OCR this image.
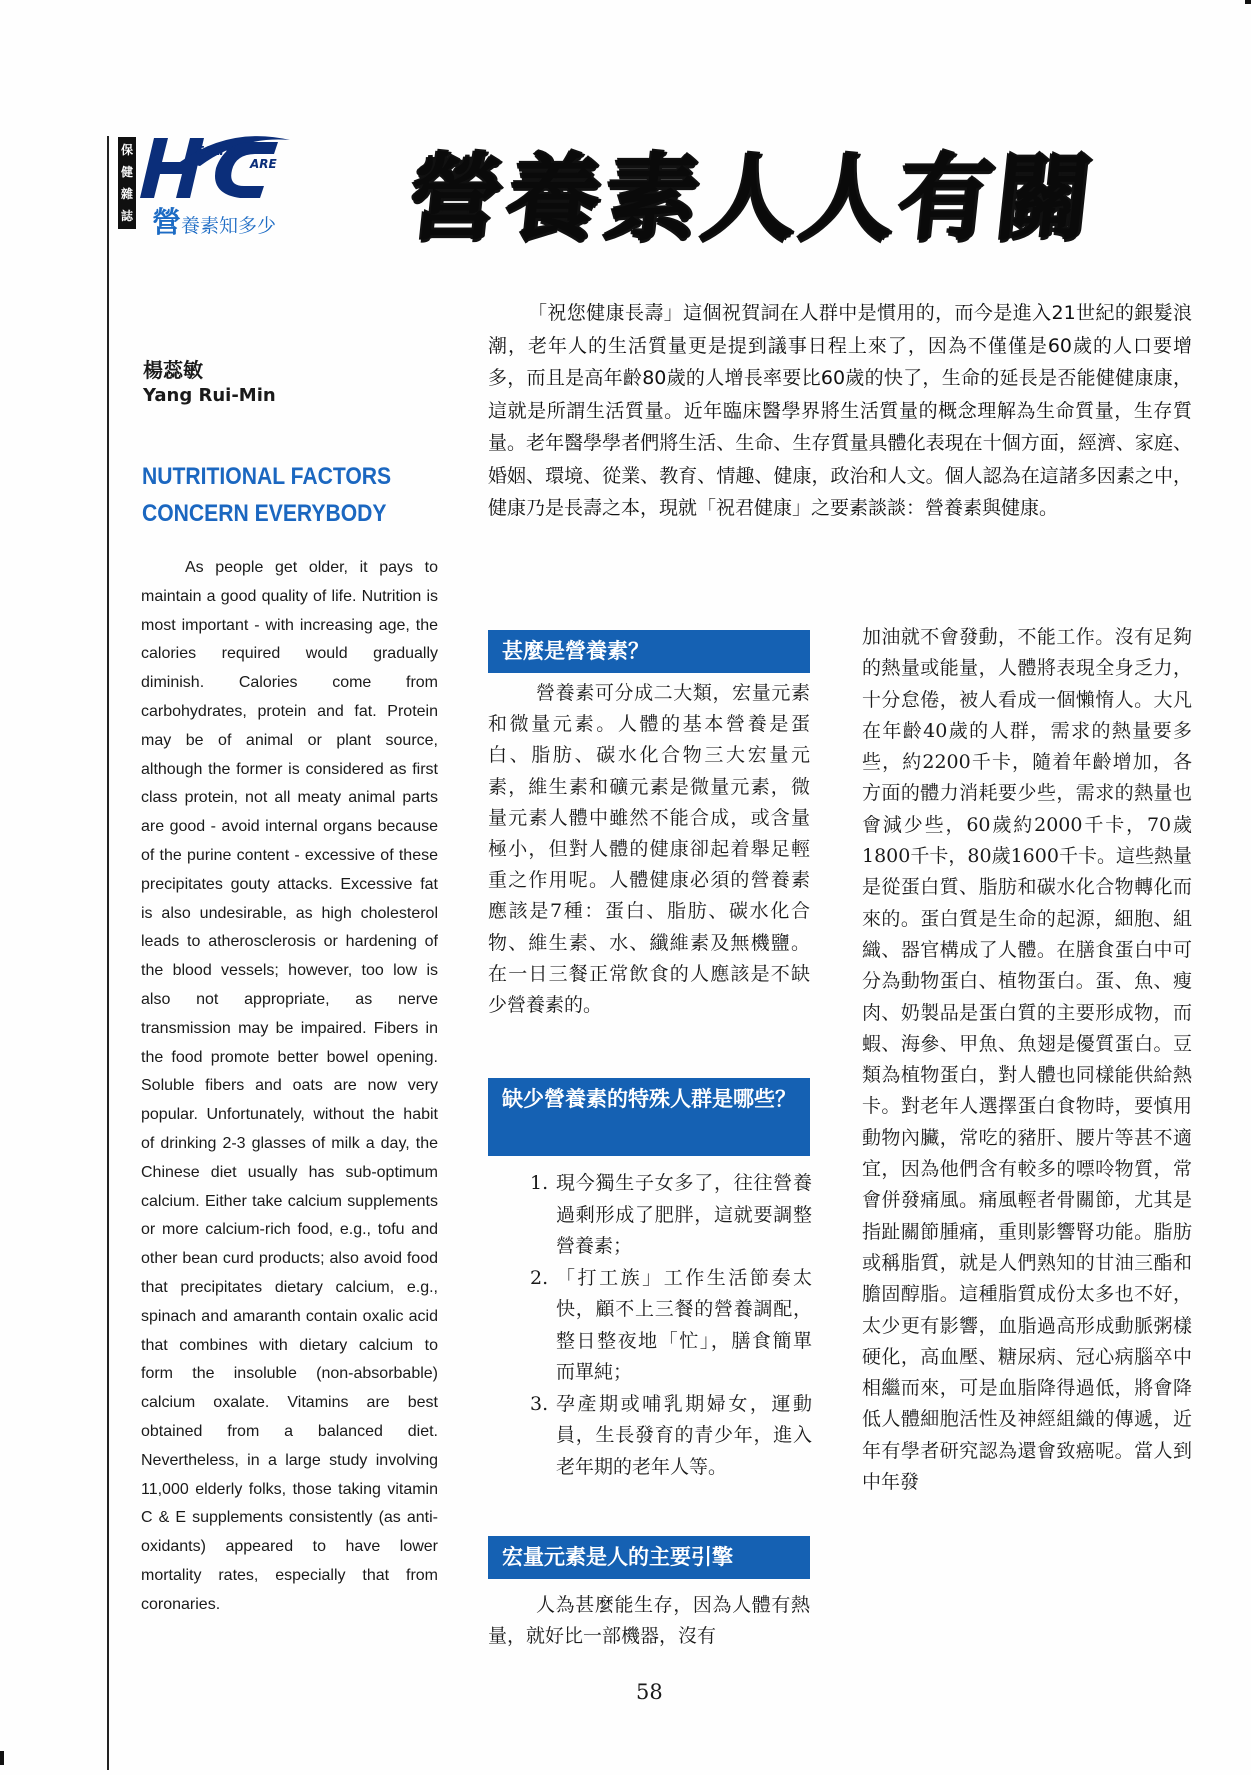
保
健
雜
誌
EALTH
ARE
營養素知多少 營養素人人有關
楊蕊敏
Yang Rui-Min
NUTRITIONAL FACTORS
CONCERN EVERYBODY

As people get older, it pays to maintain a good quality of life. Nutrition is most important - with increasing age, the calories required would gradually diminish. Calories come from carbohydrates, protein and fat. Protein may be of animal or plant source, although the former is considered as first class protein, not all meaty animal parts are good - avoid internal organs because of the purine content - excessive of these precipitates gouty attacks. Excessive fat is also undesirable, as high cholesterol leads to atherosclerosis or hardening of the blood vessels; however, too low is also not appropriate, as nerve transmission may be impaired. Fibers in the food promote better bowel opening. Soluble fibers and oats are now very popular. Unfortunately, without the habit of drinking 2-3 glasses of milk a day, the Chinese diet usually has sub-optimum calcium. Either take calcium supplements or more calcium-rich food, e.g., tofu and other bean curd products; also avoid food that precipitates dietary calcium, e.g., spinach and amaranth contain oxalic acid that combines with dietary calcium to form the insoluble (non-absorbable) calcium oxalate. Vitamins are best obtained from a balanced diet. Nevertheless, in a large study involving 11,000 elderly folks, those taking vitamin C & E supplements consistently (as anti-oxidants) appeared to have lower mortality rates, especially that from coronaries.

「祝您健康長壽」這個祝賀詞在人群中是慣用的，而今是進入21世紀的銀髮浪潮，老年人的生活質量更是提到議事日程上來了，因為不僅僅是60歲的人口要增多，而且是高年齡80歲的人增長率要比60歲的快了，生命的延長是否能健健康康，這就是所謂生活質量。近年臨床醫學界將生活質量的概念理解為生命質量，生存質量。老年醫學學者們將生活、生命、生存質量具體化表現在十個方面，經濟、家庭、婚姻、環境、從業、教育、情趣、健康，政治和人文。個人認為在這諸多因素之中，健康乃是長壽之本，現就「祝君健康」之要素談談：營養素與健康。

甚麼是營養素？

營養素可分成二大類，宏量元素和微量元素。人體的基本營養是蛋白、脂肪、碳水化合物三大宏量元素，維生素和礦元素是微量元素，微量元素人體中雖然不能合成，或含量極小，但對人體的健康卻起着舉足輕重之作用呢。人體健康必須的營養素應該是7種：蛋白、脂肪、碳水化合物、維生素、水、纖維素及無機鹽。在一日三餐正常飲食的人應該是不缺少營養素的。

缺少營養素的特殊人群是哪些？
1. 現今獨生子女多了，往往營養過剩形成了肥胖，這就要調整營養素；
2. 「打工族」工作生活節奏太快，顧不上三餐的營養調配，整日整夜地「忙」，膳食簡單而單純；
3. 孕產期或哺乳期婦女，運動員，生長發育的青少年，進入老年期的老年人等。
宏量元素是人的主要引擎

人為甚麼能生存，因為人體有熱量，就好比一部機器，沒有

加油就不會發動，不能工作。沒有足夠的熱量或能量，人體將表現全身乏力，十分怠倦，被人看成一個懶惰人。大凡在年齡40歲的人群，需求的熱量要多些，約2200千卡，隨着年齡增加，各方面的體力消耗要少些，需求的熱量也會減少些，60歲約2000千卡，70歲1800千卡，80歲1600千卡。這些熱量是從蛋白質、脂肪和碳水化合物轉化而來的。蛋白質是生命的起源，細胞、組織、器官構成了人體。在膳食蛋白中可分為動物蛋白、植物蛋白。蛋、魚、瘦肉、奶製品是蛋白質的主要形成物，而蝦、海參、甲魚、魚翅是優質蛋白。豆類為植物蛋白，對人體也同樣能供給熱卡。對老年人選擇蛋白食物時，要慎用動物內臟，常吃的豬肝、腰片等甚不適宜，因為他們含有較多的嘌呤物質，常會併發痛風。痛風輕者骨關節，尤其是指趾關節腫痛，重則影響腎功能。脂肪或稱脂質，就是人們熟知的甘油三酯和膽固醇脂。這種脂質成份太多也不好，太少更有影響，血脂過高形成動脈粥樣硬化，高血壓、糖尿病、冠心病腦卒中相繼而來，可是血脂降得過低，將會降低人體細胞活性及神經組織的傳遞，近年有學者研究認為還會致癌呢。當人到中年發

58
